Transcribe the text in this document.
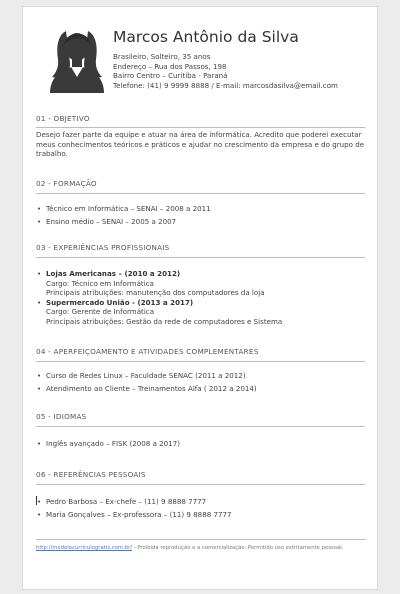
Marcos Antônio da Silva
Brasileiro, Solteiro, 35 anos
Endereço – Rua dos Passos, 198
Bairro Centro – Curitiba - Paraná
Telefone: (41) 9 9999 8888 / E-mail: marcosdasilva@email.com
01 - OBJETIVO
Desejo fazer parte da equipe e atuar na área de informática. Acredito que poderei executar meus conhecimentos teóricos e práticos e ajudar no crescimento da empresa e do grupo de trabalho.
02 - FORMAÇÃO
• Técnico em Informática – SENAI – 2008 a 2011
• Ensino médio – SENAI – 2005 a 2007
03 - EXPERIÊNCIAS PROFISSIONAIS
• Lojas Americanas – (2010 a 2012)
Cargo: Técnico em Informática
Principais atribuições: manutenção dos computadores da loja
• Supermercado União - (2013 a 2017)
Cargo: Gerente de Informática
Principais atribuições: Gestão da rede de computadores e Sistema
04 - APERFEIÇOAMENTO E ATIVIDADES COMPLEMENTARES
• Curso de Redes Linux – Faculdade SENAC (2011 a 2012)
• Atendimento ao Cliente – Treinamentos Alfa ( 2012 a 2014)
05 - IDIOMAS
• Inglês avançado – FISK (2008 a 2017)
06 - REFERÊNCIAS PESSOAIS
• Pedro Barbosa – Ex-chefe – (11) 9 8888 7777
• Maria Gonçalves – Ex-professora – (11) 9 8888 7777
http://modelocurriculogratis.com.br/ - Proibida reprodução e a comercialização. Permitido uso estritamente pessoal.
